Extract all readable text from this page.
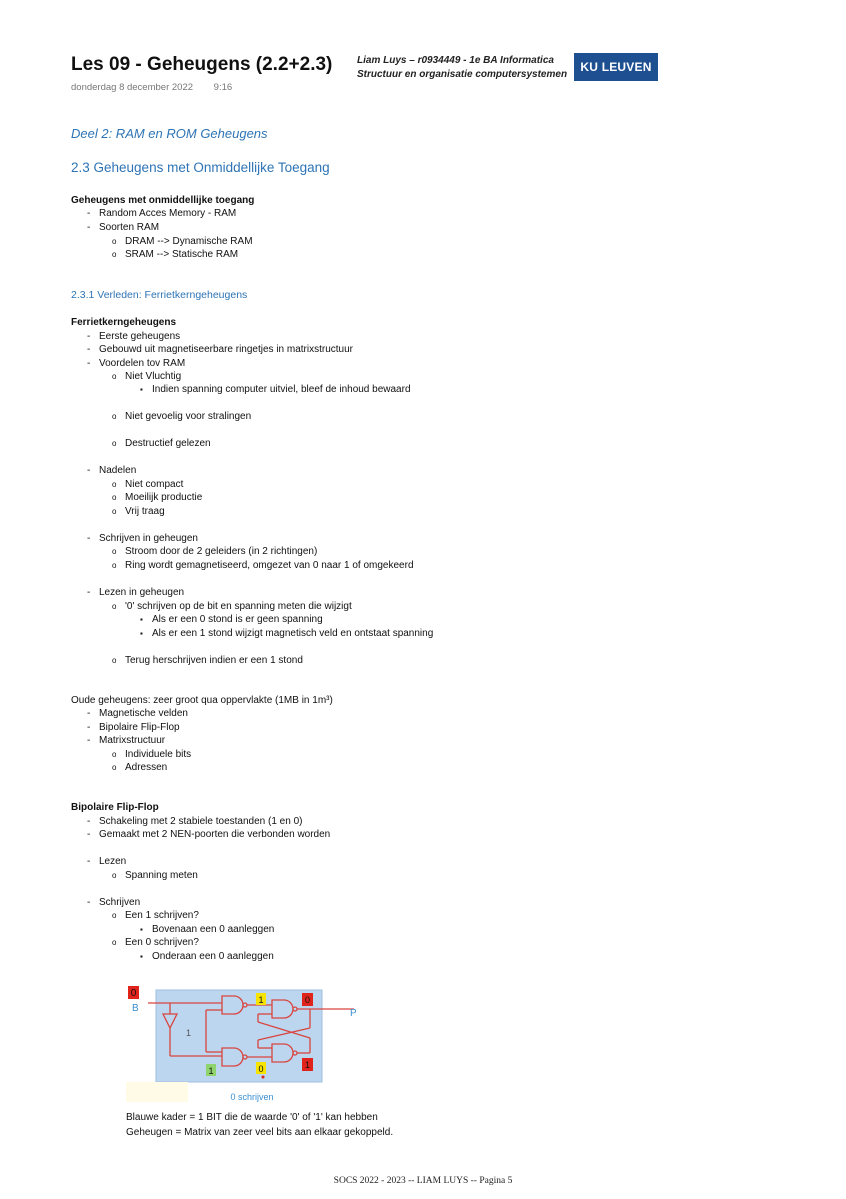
Les 09 - Geheugens (2.2+2.3)
donderdag 8 december 2022 9:16
Liam Luys – r0934449 - 1e BA Informatica
Structuur en organisatie computersystemen
KU LEUVEN
Deel 2: RAM en ROM Geheugens
2.3 Geheugens met Onmiddellijke Toegang
Geheugens met onmiddellijke toegang
- Random Acces Memory - RAM
- Soorten RAM
o DRAM --> Dynamische RAM
o SRAM --> Statische RAM
2.3.1 Verleden: Ferrietkerngeheugens
Ferrietkerngeheugens
- Eerste geheugens
- Gebouwd uit magnetiseerbare ringetjes in matrixstructuur
- Voordelen tov RAM
o Niet Vluchtig
▪ Indien spanning computer uitviel, bleef de inhoud bewaard
o Niet gevoelig voor stralingen
o Destructief gelezen
- Nadelen
o Niet compact
o Moeilijk productie
o Vrij traag
- Schrijven in geheugen
o Stroom door de 2 geleiders (in 2 richtingen)
o Ring wordt gemagnetiseerd, omgezet van 0 naar 1 of omgekeerd
- Lezen in geheugen
o '0' schrijven op de bit en spanning meten die wijzigt
▪ Als er een 0 stond is er geen spanning
▪ Als er een 1 stond wijzigt magnetisch veld en ontstaat spanning
o Terug herschrijven indien er een 1 stond
Oude geheugens: zeer groot qua oppervlakte (1MB in 1m³)
- Magnetische velden
- Bipolaire Flip-Flop
- Matrixstructuur
o Individuele bits
o Adressen
Bipolaire Flip-Flop
- Schakeling met 2 stabiele toestanden (1 en 0)
- Gemaakt met 2 NEN-poorten die verbonden worden
- Lezen
o Spanning meten
- Schrijven
o Een 1 schrijven?
▪ Bovenaan een 0 aanleggen
o Een 0 schrijven?
▪ Onderaan een 0 aanleggen
0
B
1	0
P
1
1	0	1
0 schrijven
Blauwe kader = 1 BIT die de waarde '0' of '1' kan hebben
Geheugen = Matrix van zeer veel bits aan elkaar gekoppeld.
SOCS 2022 - 2023 -- LIAM LUYS -- Pagina 5
